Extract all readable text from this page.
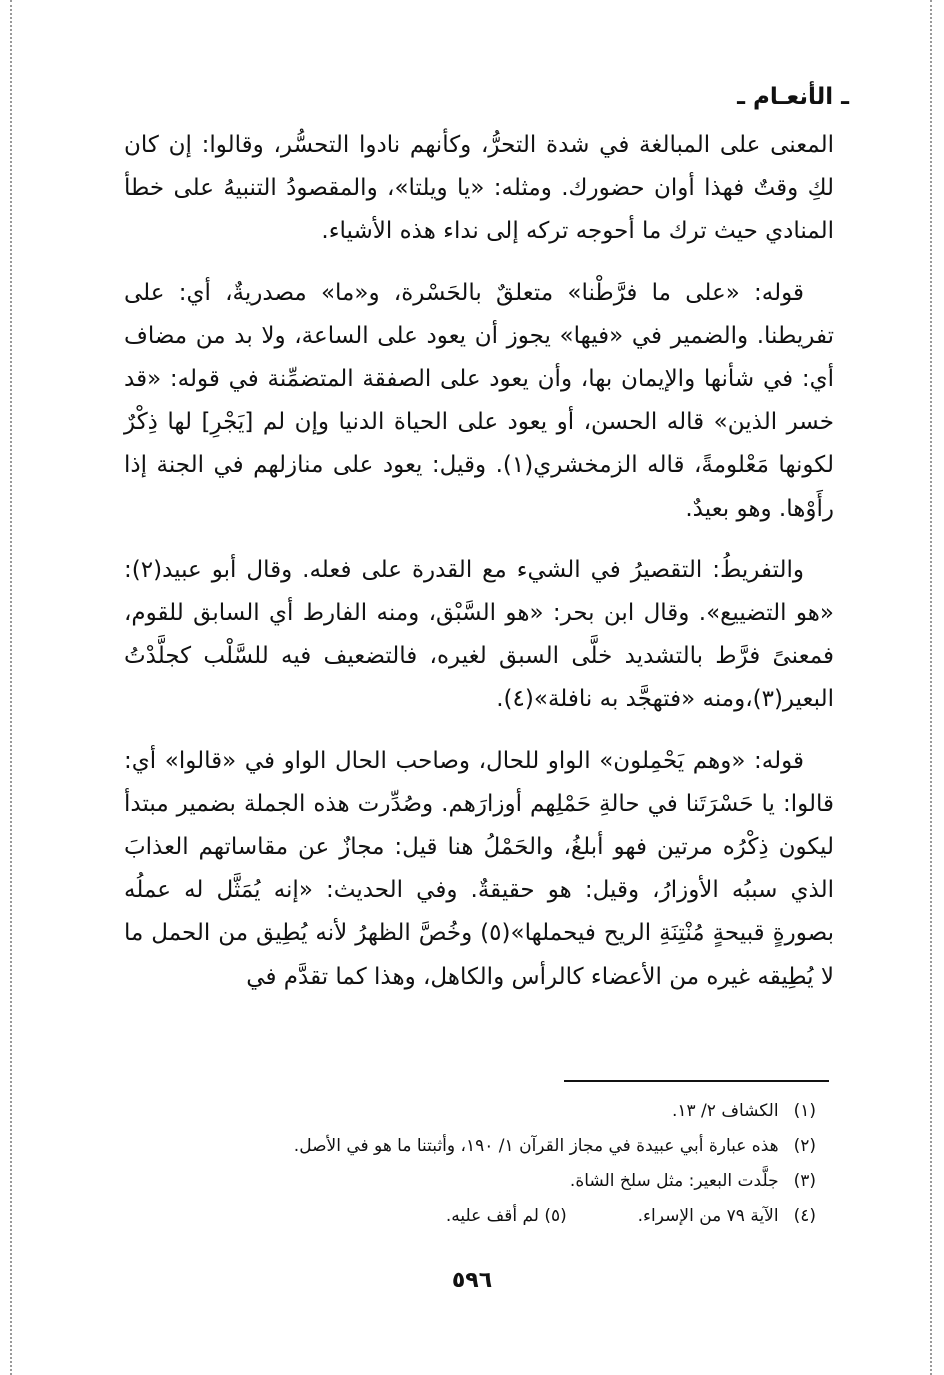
ـ الأنعـام ـ

المعنى على المبالغة في شدة التحرُّ، وكأنهم نادوا التحسُّر، وقالوا: إن كان لكِ وقتٌ فهذا أوان حضورك. ومثله: «يا ويلتا»، والمقصودُ التنبيهُ على خطأ المنادي حيث ترك ما أحوجه تركه إلى نداء هذه الأشياء.

قوله: «على ما فرَّطْنا» متعلقٌ بالحَسْرة، و«ما» مصدريةٌ، أي: على تفريطنا. والضمير في «فيها» يجوز أن يعود على الساعة، ولا بد من مضاف أي: في شأنها والإيمان بها، وأن يعود على الصفقة المتضمِّنة في قوله: «قد خسر الذين» قاله الحسن، أو يعود على الحياة الدنيا وإن لم [يَجْرِ] لها ذِكْرٌ لكونها مَعْلومةً، قاله الزمخشري(١). وقيل: يعود على منازلهم في الجنة إذا رأَوْها. وهو بعيدٌ.

والتفريطُ: التقصيرُ في الشيء مع القدرة على فعله. وقال أبو عبيد(٢): «هو التضييع». وقال ابن بحر: «هو السَّبْق، ومنه الفارط أي السابق للقوم، فمعنىً فرَّط بالتشديد خلَّى السبق لغيره، فالتضعيف فيه للسَّلْب كجلَّدْتُ البعير(٣)،ومنه «فتهجَّد به نافلة»(٤).

قوله: «وهم يَحْمِلون» الواو للحال، وصاحب الحال الواو في «قالوا» أي: قالوا: يا حَسْرَتَنا في حالةِ حَمْلِهم أوزارَهم. وصُدِّرت هذه الجملة بضمير مبتدأ ليكون ذِكْرُه مرتين فهو أبلغُ، والحَمْلُ هنا قيل: مجازٌ عن مقاساتهم العذابَ الذي سببُه الأوزارُ، وقيل: هو حقيقةٌ. وفي الحديث: «إنه يُمَثَّل له عملُه بصورةٍ قبيحةٍ مُنْتِنَةِ الريح فيحملها»(٥) وخُصَّ الظهرُ لأنه يُطِيق من الحمل ما لا يُطِيقه غيره من الأعضاء كالرأس والكاهل، وهذا كما تقدَّم في

(١) الكشاف ٢/ ١٣.
(٢) هذه عبارة أبي عبيدة في مجاز القرآن ١/ ١٩٠، وأثبتنا ما هو في الأصل.
(٣) جلَّدت البعير: مثل سلخ الشاة.
(٤) الآية ٧٩ من الإسراء.  (٥) لم أقف عليه.
٥٩٦
